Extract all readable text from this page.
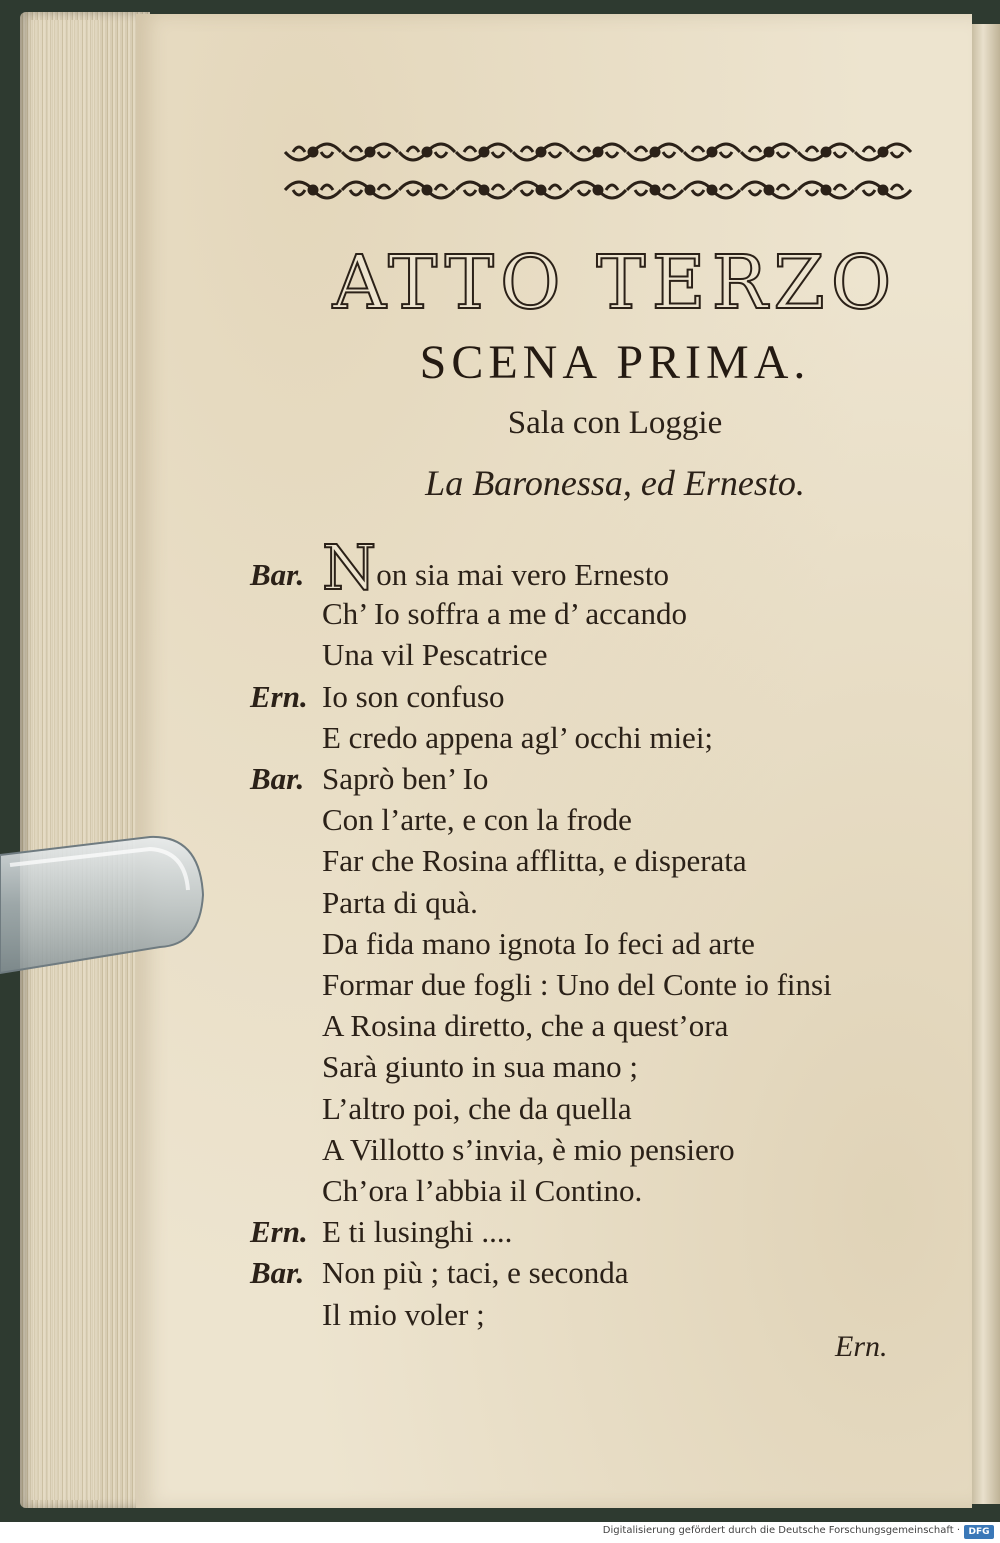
ATTO TERZO
SCENA PRIMA.
Sala con Loggie
La Baronessa, ed Ernesto.
Bar. Non sia mai vero Ernesto
Ch’ Io soffra a me d’ accando
Una vil Pescatrice
Ern. Io son confuso
E credo appena agl’ occhi miei;
Bar. Saprò ben’ Io
Con l’arte, e con la frode
Far che Rosina afflitta, e disperata
Parta di quà.
Da fida mano ignota Io feci ad arte
Formar due fogli : Uno del Conte io finsi
A Rosina diretto, che a quest’ora
Sarà giunto in sua mano ;
L’altro poi, che da quella
A Villotto s’invia, è mio pensiero
Ch’ora l’abbia il Contino.
Ern. E ti lusinghi ....
Bar. Non più ; taci, e seconda
Il mio voler ;
Ern.
Digitalisierung gefördert durch die Deutsche Forschungsgemeinschaft · DFG
